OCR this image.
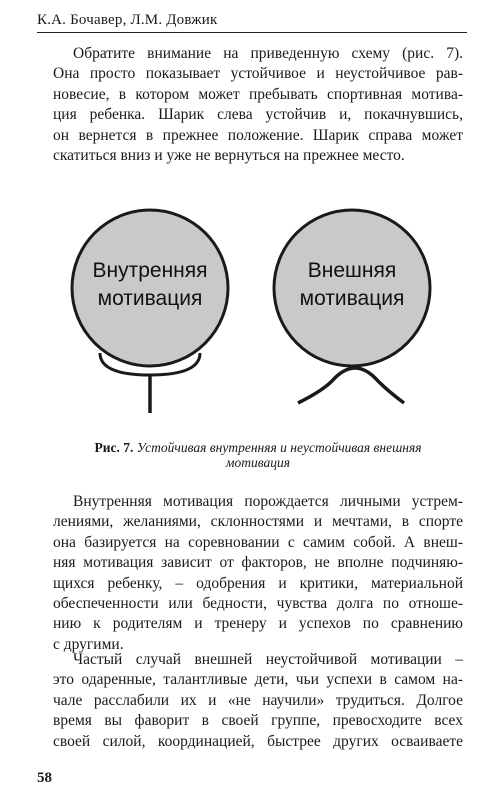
К.А. Бочавер, Л.М. Довжик
Обратите внимание на приведенную схему (рис. 7).
Она просто показывает устойчивое и неустойчивое рав-
новесие, в котором может пребывать спортивная мотива-
ция ребенка. Шарик слева устойчив и, покачнувшись,
он вернется в прежнее положение. Шарик справа может
скатиться вниз и уже не вернуться на прежнее место.
Внутренняя
мотивация
Внешняя
мотивация
Рис. 7. Устойчивая внутренняя и неустойчивая внешняя
мотивация
Внутренняя мотивация порождается личными устрем-
лениями, желаниями, склонностями и мечтами, в спорте
она базируется на соревновании с самим собой. А внеш-
няя мотивация зависит от факторов, не вполне подчиняю-
щихся ребенку, – одобрения и критики, материальной
обеспеченности или бедности, чувства долга по отноше-
нию к родителям и тренеру и успехов по сравнению
с другими.
Частый случай внешней неустойчивой мотивации –
это одаренные, талантливые дети, чьи успехи в самом на-
чале расслабили их и «не научили» трудиться. Долгое
время вы фаворит в своей группе, превосходите всех
своей силой, координацией, быстрее других осваиваете
58
